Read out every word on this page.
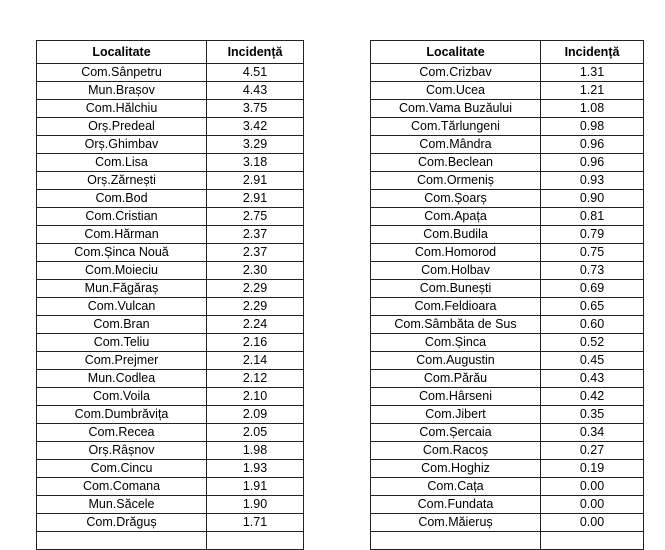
Localitate	Incidență
Com.Sânpetru	4.51
Mun.Brașov	4.43
Com.Hălchiu	3.75
Orș.Predeal	3.42
Orș.Ghimbav	3.29
Com.Lisa	3.18
Orș.Zărnești	2.91
Com.Bod	2.91
Com.Cristian	2.75
Com.Hărman	2.37
Com.Șinca Nouă	2.37
Com.Moieciu	2.30
Mun.Făgăraș	2.29
Com.Vulcan	2.29
Com.Bran	2.24
Com.Teliu	2.16
Com.Prejmer	2.14
Mun.Codlea	2.12
Com.Voila	2.10
Com.Dumbrăvița	2.09
Com.Recea	2.05
Orș.Râșnov	1.98
Com.Cincu	1.93
Com.Comana	1.91
Mun.Săcele	1.90
Com.Drăguș	1.71

Localitate	Incidență
Com.Crizbav	1.31
Com.Ucea	1.21
Com.Vama Buzăului	1.08
Com.Tărlungeni	0.98
Com.Mândra	0.96
Com.Beclean	0.96
Com.Ormeniș	0.93
Com.Șoarș	0.90
Com.Apața	0.81
Com.Budila	0.79
Com.Homorod	0.75
Com.Holbav	0.73
Com.Bunești	0.69
Com.Feldioara	0.65
Com.Sâmbăta de Sus	0.60
Com.Șinca	0.52
Com.Augustin	0.45
Com.Părău	0.43
Com.Hârseni	0.42
Com.Jibert	0.35
Com.Șercaia	0.34
Com.Racoș	0.27
Com.Hoghiz	0.19
Com.Cața	0.00
Com.Fundata	0.00
Com.Măieruș	0.00
